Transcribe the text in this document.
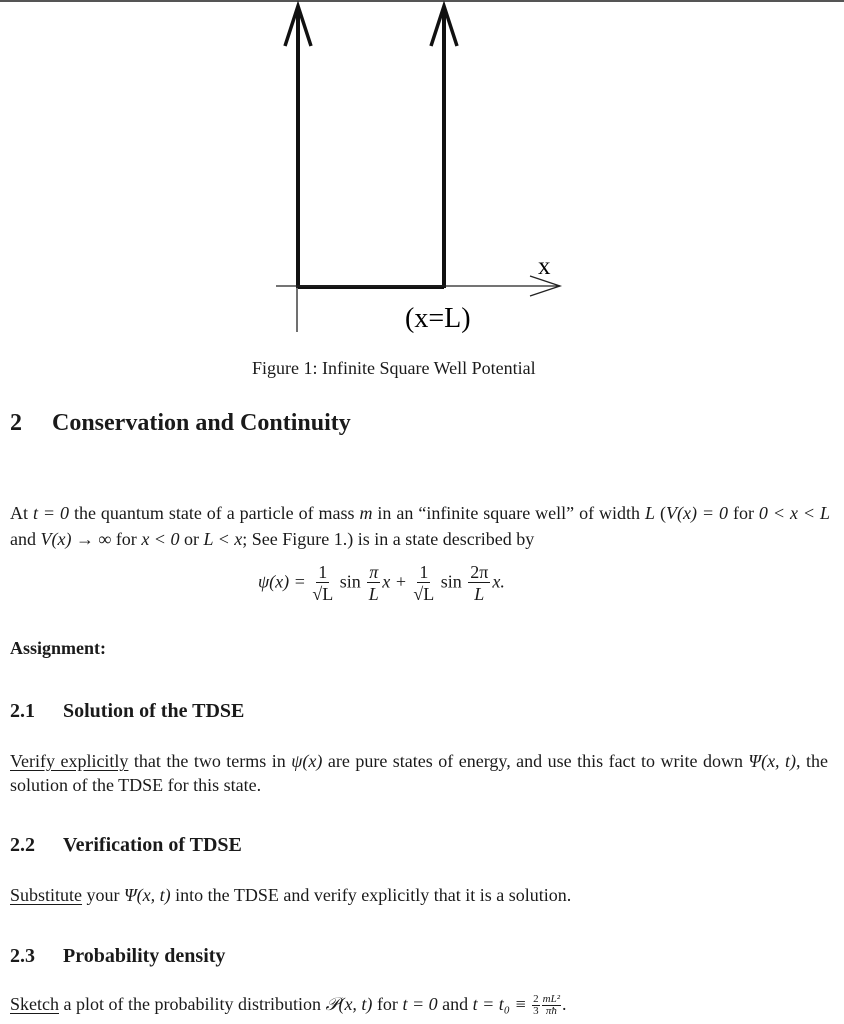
x
(x=L)
Figure 1: Infinite Square Well Potential
2 Conservation and Continuity
At t = 0 the quantum state of a particle of mass m in an “infinite square well” of width L (V(x) = 0 for 0 < x < L and V(x) → ∞ for x < 0 or L < x; See Figure 1.) is in a state described by
$\psi(x) = \frac{1}{√L}$ $\sin \frac{\pi}{L}$ $x + \frac{1}{√L}$ $\sin \frac{2\pi}{L} x$.
Assignment:
2.1 Solution of the TDSE
Verify explicitly that the two terms in ψ(x) are pure states of energy, and use this fact to write down Ψ(x, t), the solution of the TDSE for this state.
2.2 Verification of TDSE
Substitute your Ψ(x, t) into the TDSE and verify explicitly that it is a solution.
2.3 Probability density
Sketch a plot of the probability distribution 𝒫(x, t) for t = 0 and $t = t_0 \equiv \frac{2}{3} \frac{\text{mL²}}{\pi ħ}$ .
